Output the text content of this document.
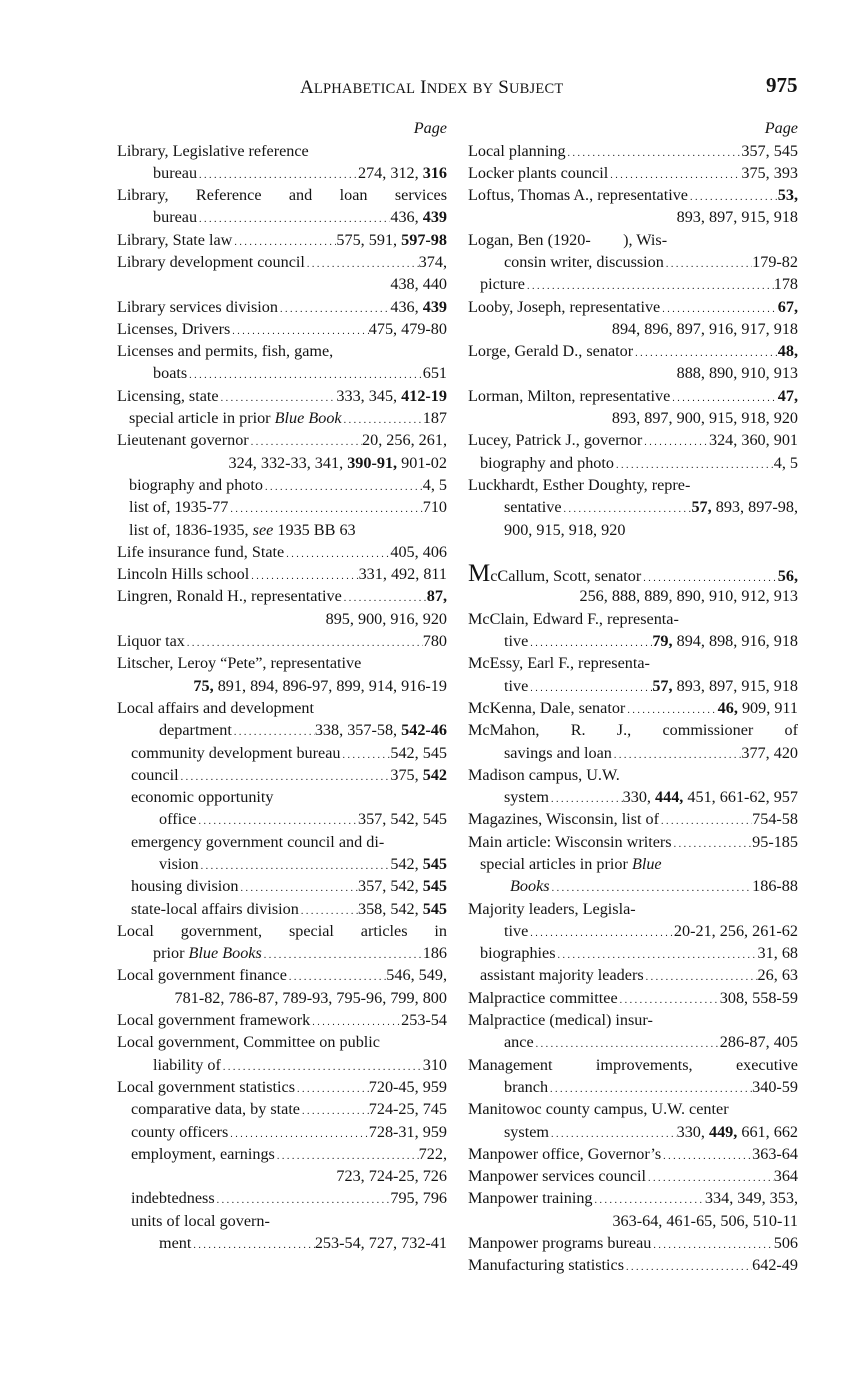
ALPHABETICAL INDEX BY SUBJECT	975
Page
Library, Legislative reference
bureau . . .	274, 312, 316
Library, Reference and loan services
bureau . . .	436, 439
Library, State law . . .	575, 591, 597-98
Library development council . . .	374,
438, 440
Library services division . . .	436, 439
Licenses, Drivers . . .	475, 479-80
Licenses and permits, fish, game,
boats . . .	651
Licensing, state . . .	333, 345, 412-19
special article in prior Blue Book . . .	187
Lieutenant governor . . .	20, 256, 261,
324, 332-33, 341, 390-91, 901-02
biography and photo . . .	4, 5
list of, 1935-77 . . .	710
list of, 1836-1935, see 1935 BB 63
Life insurance fund, State . . .	405, 406
Lincoln Hills school . . .	331, 492, 811
Lingren, Ronald H., representative . . .	87,
895, 900, 916, 920
Liquor tax . . .	780
Litscher, Leroy “Pete”, representative
75, 891, 894, 896-97, 899, 914, 916-19
Local affairs and development
department . . .	338, 357-58, 542-46
community development bureau . . .	542, 545
council . . .	375, 542
economic opportunity
office . . .	357, 542, 545
emergency government council and di-
vision . . .	542, 545
housing division . . .	357, 542, 545
state-local affairs division . . .	358, 542, 545
Local government, special articles in
prior Blue Books . . .	186
Local government finance . . .	546, 549,
781-82, 786-87, 789-93, 795-96, 799, 800
Local government framework . . .	253-54
Local government, Committee on public
liability of . . .	310
Local government statistics . . .	720-45, 959
comparative data, by state . . .	724-25, 745
county officers . . .	728-31, 959
employment, earnings . . .	722,
723, 724-25, 726
indebtedness . . .	795, 796
units of local govern-
ment . . .	253-54, 727, 732-41
Page
Local planning . . .	357, 545
Locker plants council . . .	375, 393
Loftus, Thomas A., representative . . .	53,
893, 897, 915, 918
Logan, Ben (1920-  ), Wis-
consin writer, discussion . . .	179-82
picture . . .	178
Looby, Joseph, representative . . .	67,
894, 896, 897, 916, 917, 918
Lorge, Gerald D., senator . . .	48,
888, 890, 910, 913
Lorman, Milton, representative . . .	47,
893, 897, 900, 915, 918, 920
Lucey, Patrick J., governor . . .	324, 360, 901
biography and photo . . .	4, 5
Luckhardt, Esther Doughty, repre-
sentative . . .	57, 893, 897-98,
900, 915, 918, 920
McCallum, Scott, senator . . .	56,
256, 888, 889, 890, 910, 912, 913
McClain, Edward F., representa-
tive . . .	79, 894, 898, 916, 918
McEssy, Earl F., representa-
tive . . .	57, 893, 897, 915, 918
McKenna, Dale, senator . . .	46, 909, 911
McMahon, R. J., commissioner of
savings and loan . . .	377, 420
Madison campus, U.W.
system . . .	330, 444, 451, 661-62, 957
Magazines, Wisconsin, list of . . .	754-58
Main article: Wisconsin writers . . .	95-185
special articles in prior Blue
Books . . .	186-88
Majority leaders, Legisla-
tive . . .	20-21, 256, 261-62
biographies . . .	31, 68
assistant majority leaders . . .	26, 63
Malpractice committee . . .	308, 558-59
Malpractice (medical) insur-
ance . . .	286-87, 405
Management improvements, executive
branch . . .	340-59
Manitowoc county campus, U.W. center
system . . .	330, 449, 661, 662
Manpower office, Governor’s . . .	363-64
Manpower services council . . .	364
Manpower training . . .	334, 349, 353,
363-64, 461-65, 506, 510-11
Manpower programs bureau . . .	506
Manufacturing statistics . . .	642-49
